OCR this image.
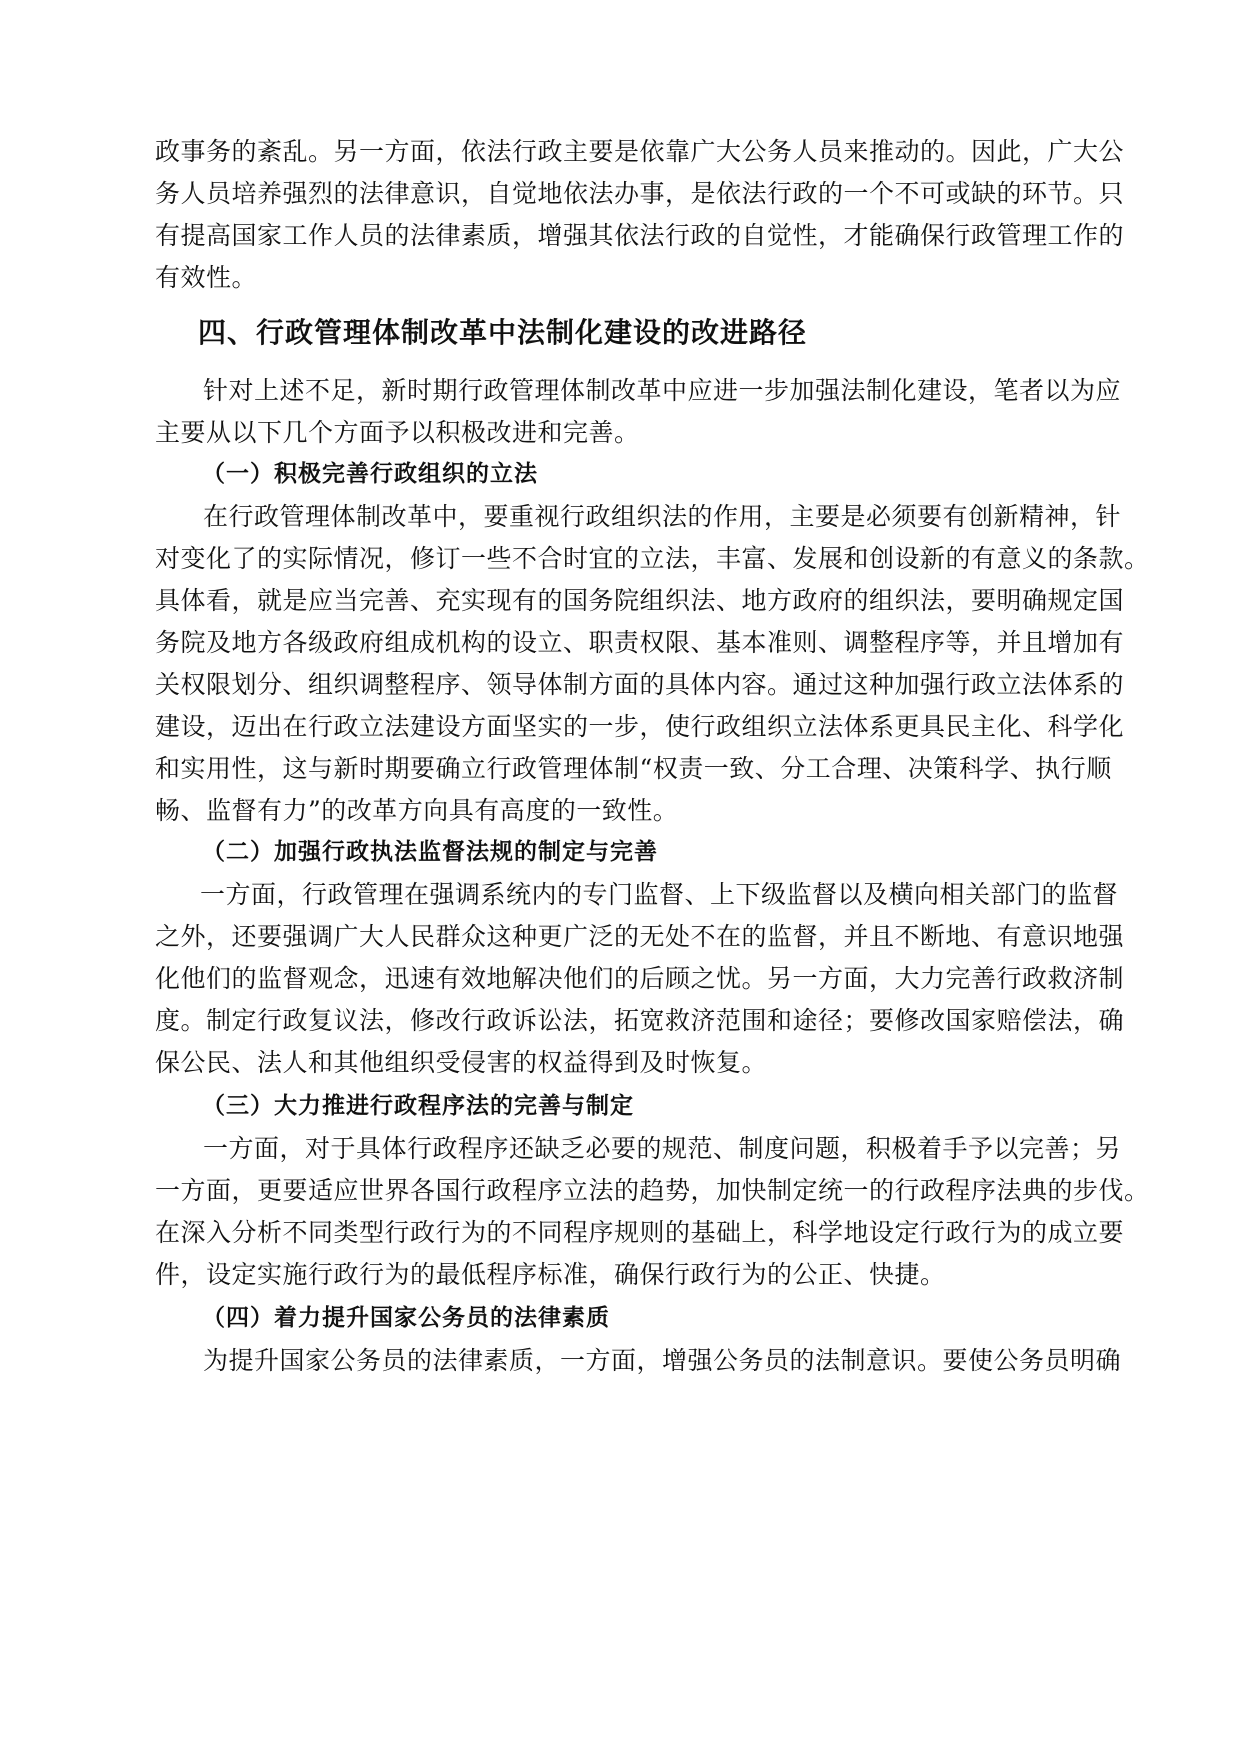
政事务的紊乱。另一方面，依法行政主要是依靠广大公务人员来推动的。因此，广大公
务人员培养强烈的法律意识，自觉地依法办事，是依法行政的一个不可或缺的环节。只
有提高国家工作人员的法律素质，增强其依法行政的自觉性，才能确保行政管理工作的
有效性。
四、行政管理体制改革中法制化建设的改进路径
针对上述不足，新时期行政管理体制改革中应进一步加强法制化建设，笔者以为应
主要从以下几个方面予以积极改进和完善。
（一）积极完善行政组织的立法
在行政管理体制改革中，要重视行政组织法的作用，主要是必须要有创新精神，针
对变化了的实际情况，修订一些不合时宜的立法，丰富、发展和创设新的有意义的条款。
具体看，就是应当完善、充实现有的国务院组织法、地方政府的组织法，要明确规定国
务院及地方各级政府组成机构的设立、职责权限、基本准则、调整程序等，并且增加有
关权限划分、组织调整程序、领导体制方面的具体内容。通过这种加强行政立法体系的
建设，迈出在行政立法建设方面坚实的一步，使行政组织立法体系更具民主化、科学化
和实用性，这与新时期要确立行政管理体制“权责一致、分工合理、决策科学、执行顺
畅、监督有力”的改革方向具有高度的一致性。
（二）加强行政执法监督法规的制定与完善
一方面，行政管理在强调系统内的专门监督、上下级监督以及横向相关部门的监督
之外，还要强调广大人民群众这种更广泛的无处不在的监督，并且不断地、有意识地强
化他们的监督观念，迅速有效地解决他们的后顾之忧。另一方面，大力完善行政救济制
度。制定行政复议法，修改行政诉讼法，拓宽救济范围和途径；要修改国家赔偿法，确
保公民、法人和其他组织受侵害的权益得到及时恢复。
（三）大力推进行政程序法的完善与制定
一方面，对于具体行政程序还缺乏必要的规范、制度问题，积极着手予以完善；另
一方面，更要适应世界各国行政程序立法的趋势，加快制定统一的行政程序法典的步伐。
在深入分析不同类型行政行为的不同程序规则的基础上，科学地设定行政行为的成立要
件，设定实施行政行为的最低程序标准，确保行政行为的公正、快捷。
（四）着力提升国家公务员的法律素质
为提升国家公务员的法律素质，一方面，增强公务员的法制意识。要使公务员明确
